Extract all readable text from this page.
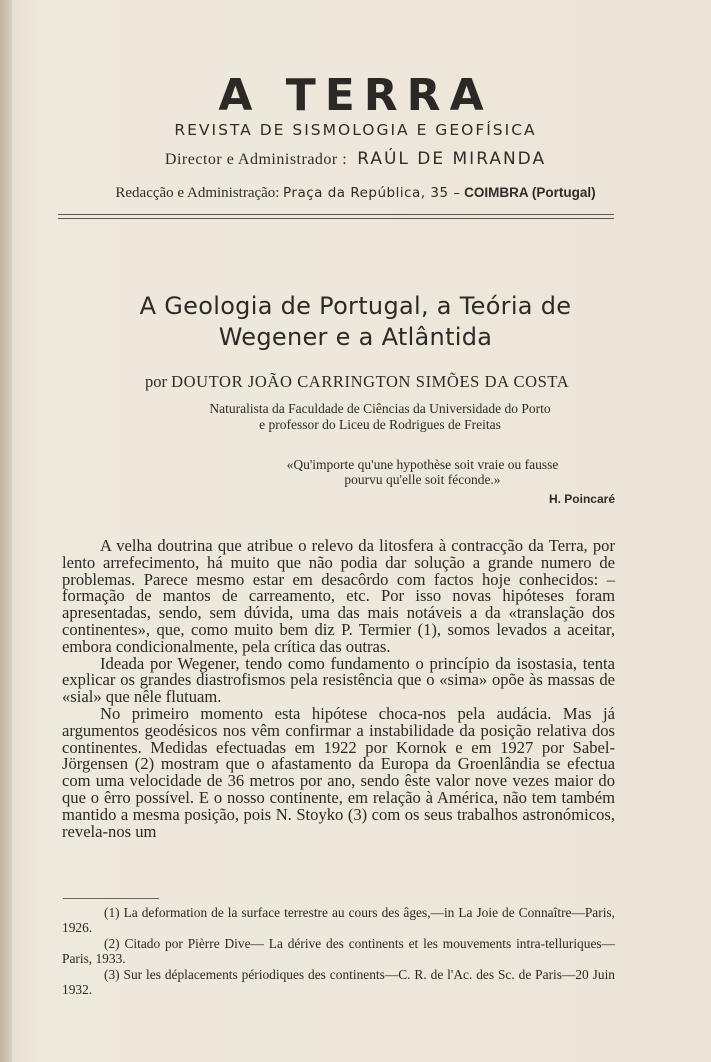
A TERRA
REVISTA DE SISMOLOGIA E GEOFÍSICA
Director e Administrador : RAÚL DE MIRANDA
Redacção e Administração: Praça da República, 35 – COIMBRA (Portugal)
A Geologia de Portugal, a Teória de
Wegener e a Atlântida
por DOUTOR JOÃO CARRINGTON SIMÕES DA COSTA
Naturalista da Faculdade de Ciências da Universidade do Porto
e professor do Liceu de Rodrigues de Freitas
«Qu'importe qu'une hypothèse soit vraie ou fausse
pourvu qu'elle soit féconde.»
H. Poincaré

A velha doutrina que atribue o relevo da litosfera à contracção da Terra, por lento arrefecimento, há muito que não podia dar solução a grande numero de problemas. Parece mesmo estar em desacôrdo com factos hoje conhecidos: – formação de mantos de carreamento, etc. Por isso novas hipóteses foram apresentadas, sendo, sem dúvida, uma das mais notáveis a da «translação dos continentes», que, como muito bem diz P. Termier (1), somos levados a aceitar, embora condicionalmente, pela crítica das outras.

Ideada por Wegener, tendo como fundamento o princípio da isostasia, tenta explicar os grandes diastrofismos pela resistência que o «sima» opõe às massas de «sial» que nêle flutuam.

No primeiro momento esta hipótese choca-nos pela audácia. Mas já argumentos geodésicos nos vêm confirmar a instabilidade da posição relativa dos continentes. Medidas efectuadas em 1922 por Kornok e em 1927 por Sabel-Jörgensen (2) mostram que o afastamento da Europa da Groenlândia se efectua com uma velocidade de 36 metros por ano, sendo êste valor nove vezes maior do que o êrro possível. E o nosso continente, em relação à América, não tem também mantido a mesma posição, pois N. Stoyko (3) com os seus trabalhos astronómicos, revela-nos um

(1) La deformation de la surface terrestre au cours des âges,—in La Joie de Connaître—Paris, 1926.

(2) Citado por Pièrre Dive— La dérive des continents et les mouvements intra-telluriques—Paris, 1933.

(3) Sur les déplacements périodiques des continents—C. R. de l'Ac. des Sc. de Paris—20 Juin 1932.
